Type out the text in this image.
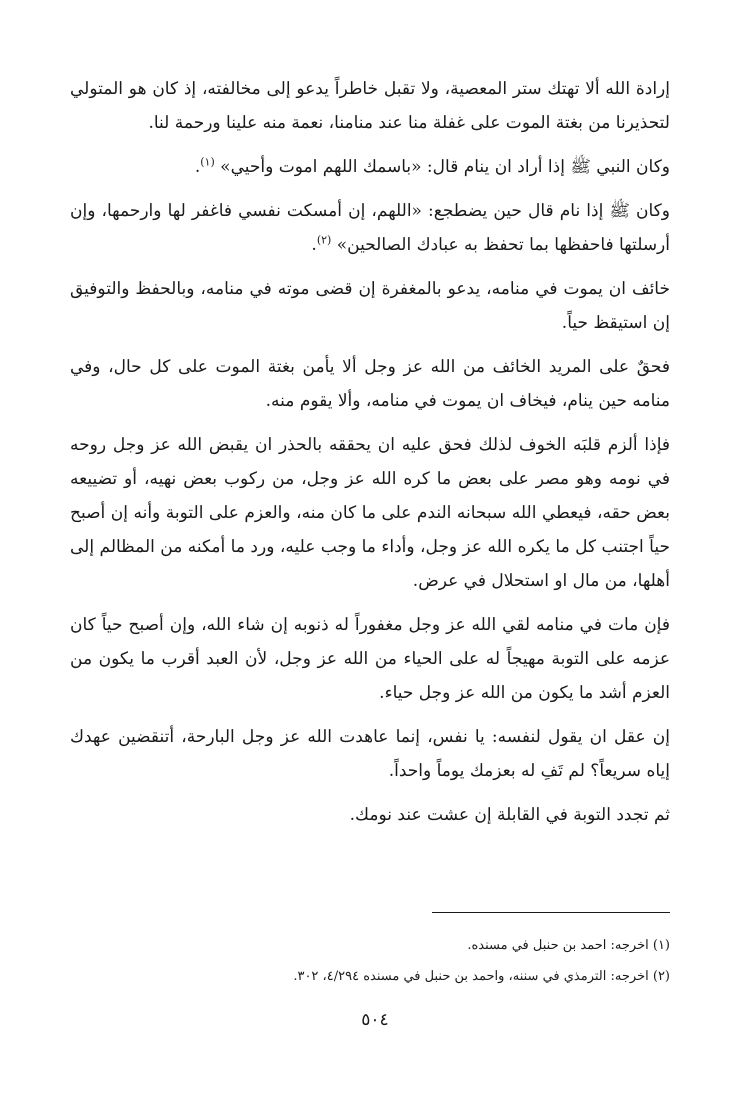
إرادة الله ألا تهتك ستر المعصية، ولا تقبل خاطراً يدعو إلى مخالفته، إذ كان هو المتولي لتحذيرنا من بغتة الموت على غفلة منا عند منامنا، نعمة منه علينا ورحمة لنا.

وكان النبي ﷺ إذا أراد ان ينام قال: «باسمك اللهم اموت وأحيي» $^{(١)}$.

وكان ﷺ إذا نام قال حين يضطجع: «اللهم، إن أمسكت نفسي فاغفر لها وارحمها، وإن أرسلتها فاحفظها بما تحفظ به عبادك الصالحين» $^{(٢)}$.

خائف ان يموت في منامه، يدعو بالمغفرة إن قضى موته في منامه، وبالحفظ والتوفيق إن استيقظ حياً.

فحقٌ على المريد الخائف من الله عز وجل ألا يأمن بغتة الموت على كل حال، وفي منامه حين ينام، فيخاف ان يموت في منامه، وألا يقوم منه.

فإذا ألزم قلبَه الخوف لذلك فحق عليه ان يحققه بالحذر ان يقبض الله عز وجل روحه في نومه وهو مصر على بعض ما كره الله عز وجل، من ركوب بعض نهيه، أو تضييعه بعض حقه، فيعطي الله سبحانه الندم على ما كان منه، والعزم على التوبة وأنه إن أصبح حياً اجتنب كل ما يكره الله عز وجل، وأداء ما وجب عليه، ورد ما أمكنه من المظالم إلى أهلها، من مال او استحلال في عرض.

فإن مات في منامه لقي الله عز وجل مغفوراً له ذنوبه إن شاء الله، وإن أصبح حياً كان عزمه على التوبة مهيجاً له على الحياء من الله عز وجل، لأن العبد أقرب ما يكون من العزم أشد ما يكون من الله عز وجل حياء.

إن عقل ان يقول لنفسه: يا نفس، إنما عاهدت الله عز وجل البارحة، أتنقضين عهدك إياه سريعاً؟ لم تَفِ له بعزمك يوماً واحداً.

ثم تجدد التوبة في القابلة إن عشت عند نومك.

(١) اخرجه: احمد بن حنبل في مسنده.

(٢) اخرجه: الترمذي في سننه، واحمد بن حنبل في مسنده ٤/٢٩٤، ٣٠٢.

٥٠٤
